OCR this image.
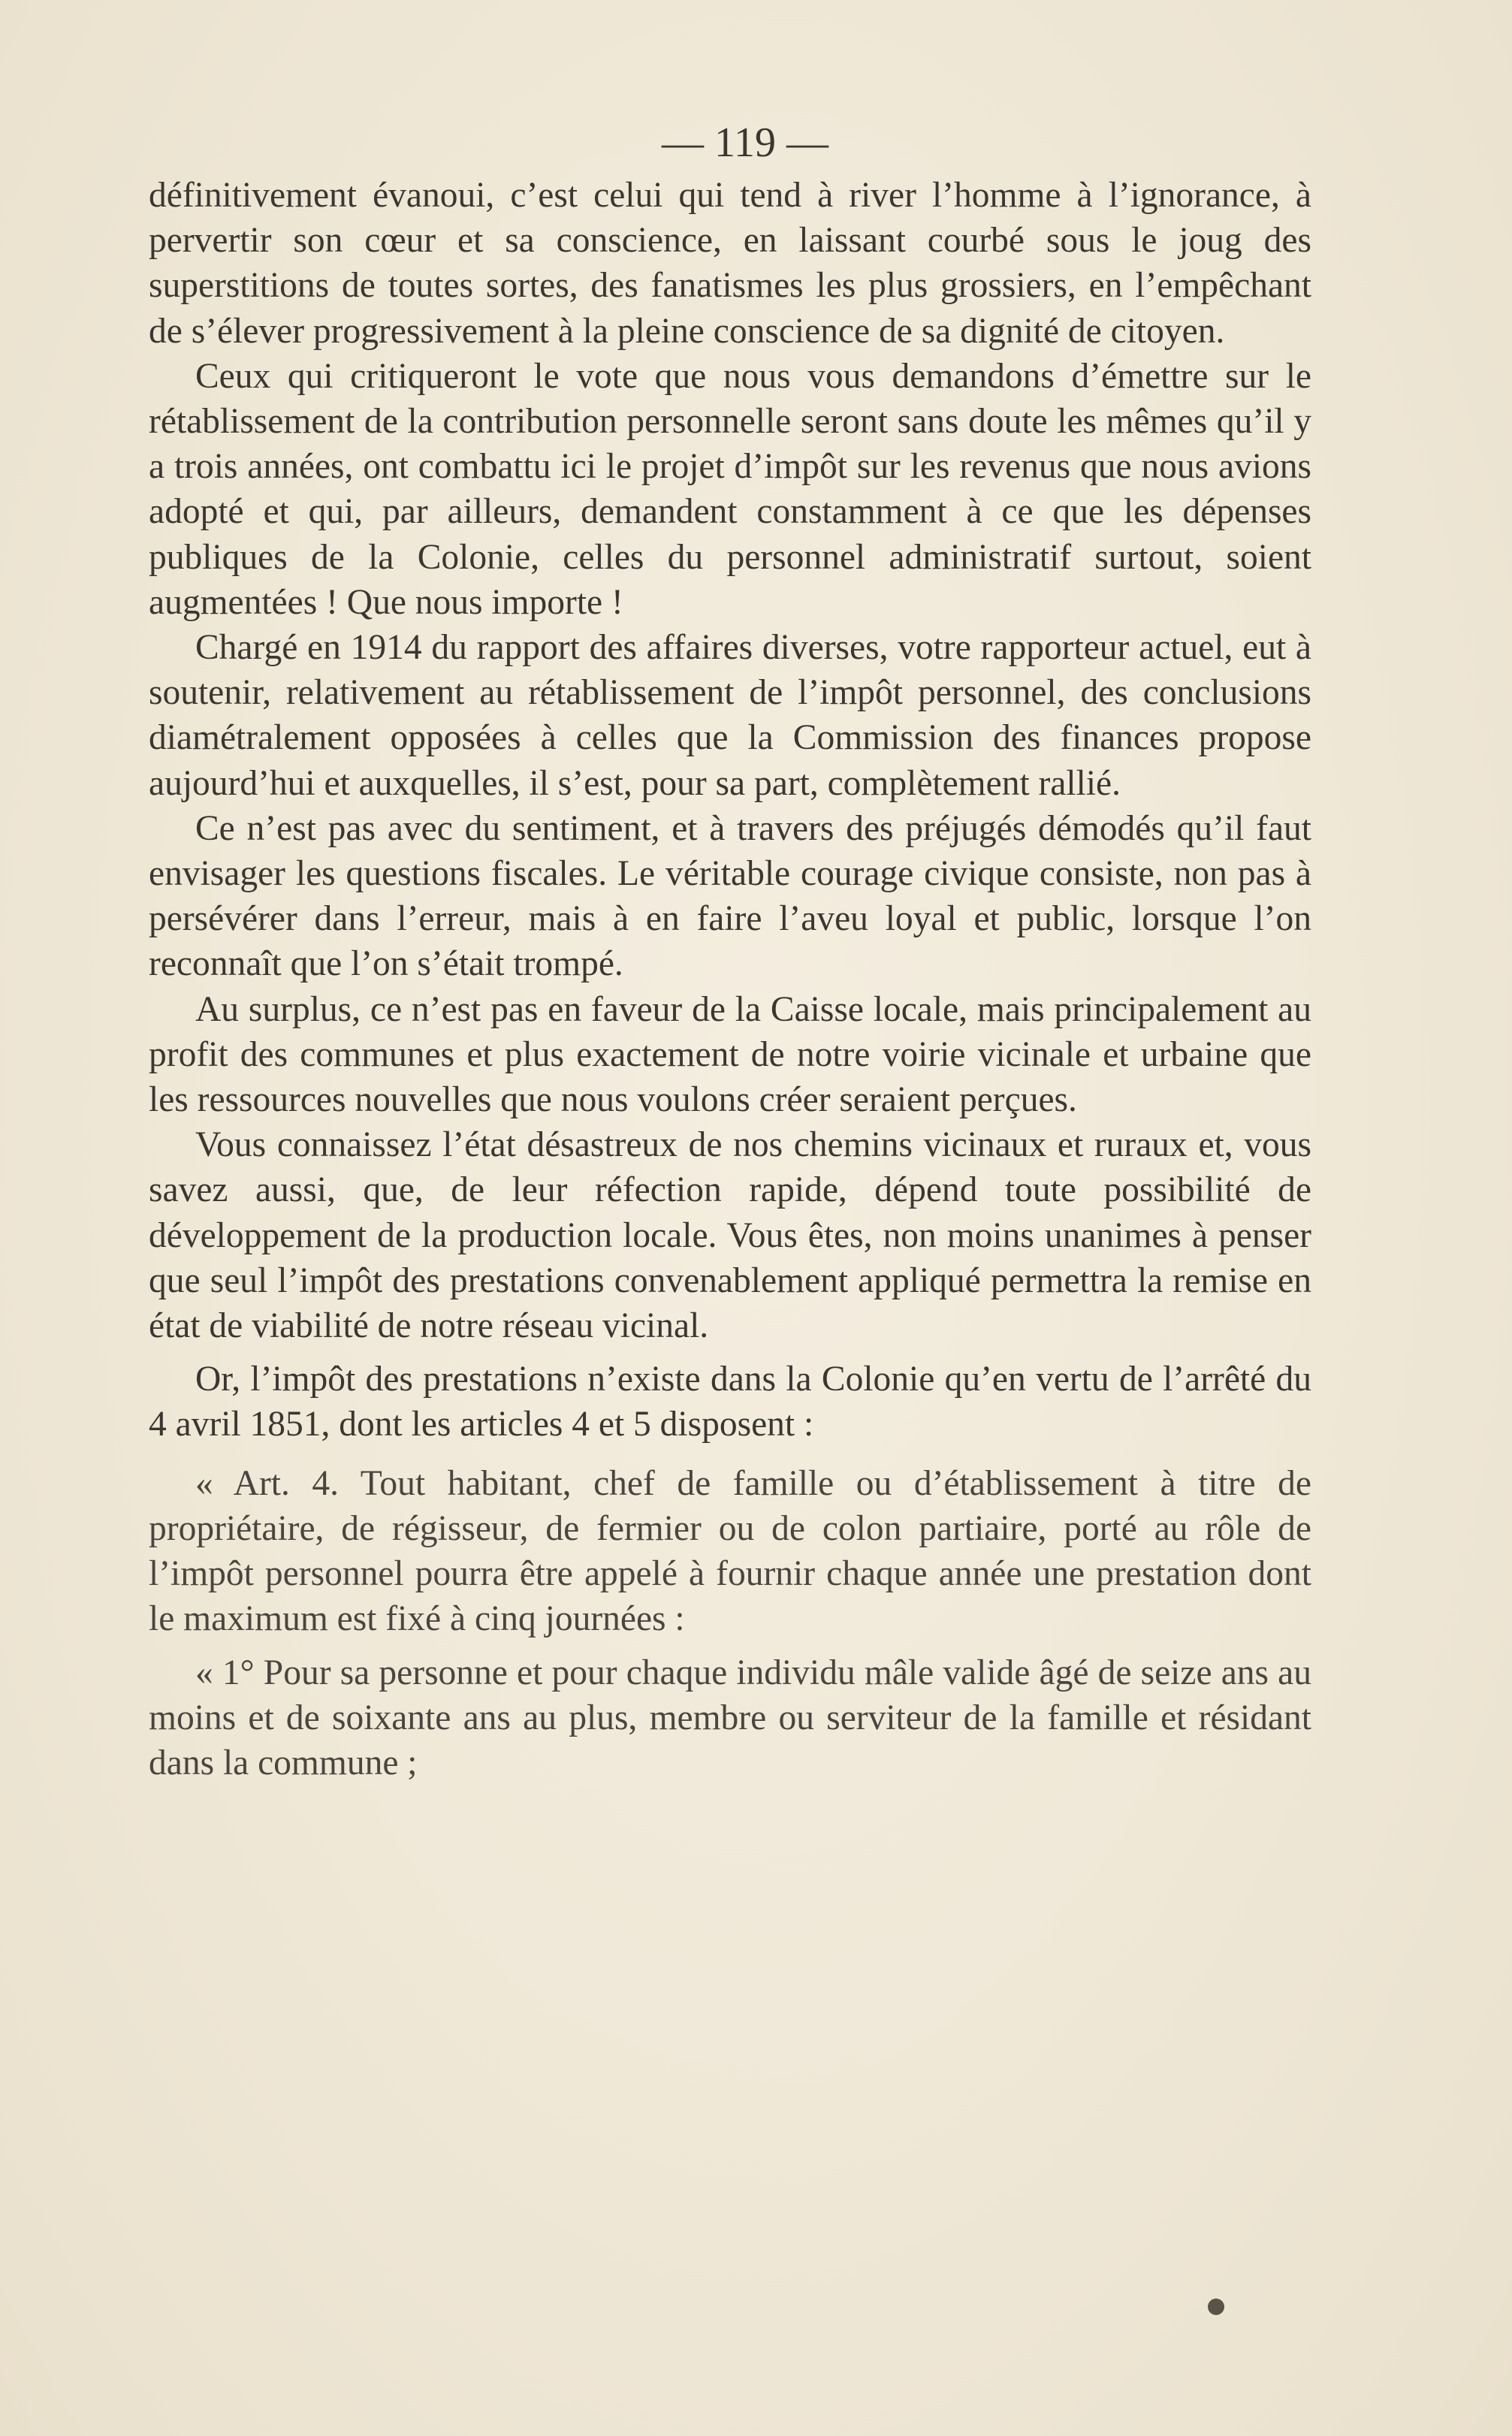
— 119 —

définitivement évanoui, c’est celui qui tend à river l’homme à l’ignorance, à pervertir son cœur et sa conscience, en laissant courbé sous le joug des superstitions de toutes sortes, des fanatismes les plus grossiers, en l’empêchant de s’élever progressivement à la pleine conscience de sa dignité de citoyen.

Ceux qui critiqueront le vote que nous vous demandons d’émettre sur le rétablissement de la contribution personnelle seront sans doute les mêmes qu’il y a trois années, ont combattu ici le projet d’impôt sur les revenus que nous avions adopté et qui, par ailleurs, demandent constamment à ce que les dépenses publiques de la Colonie, celles du personnel administratif surtout, soient augmentées ! Que nous importe !

Chargé en 1914 du rapport des affaires diverses, votre rapporteur actuel, eut à soutenir, relativement au rétablissement de l’impôt personnel, des conclusions diamétralement opposées à celles que la Commission des finances propose aujourd’hui et auxquelles, il s’est, pour sa part, complètement rallié.

Ce n’est pas avec du sentiment, et à travers des préjugés démodés qu’il faut envisager les questions fiscales. Le véritable courage civique consiste, non pas à persévérer dans l’erreur, mais à en faire l’aveu loyal et public, lorsque l’on reconnaît que l’on s’était trompé.

Au surplus, ce n’est pas en faveur de la Caisse locale, mais principalement au profit des communes et plus exactement de notre voirie vicinale et urbaine que les ressources nouvelles que nous voulons créer seraient perçues.

Vous connaissez l’état désastreux de nos chemins vicinaux et ruraux et, vous savez aussi, que, de leur réfection rapide, dépend toute possibilité de développement de la production locale. Vous êtes, non moins unanimes à penser que seul l’impôt des prestations convenablement appliqué permettra la remise en état de viabilité de notre réseau vicinal.

Or, l’impôt des prestations n’existe dans la Colonie qu’en vertu de l’arrêté du 4 avril 1851, dont les articles 4 et 5 disposent :

« Art. 4. Tout habitant, chef de famille ou d’établissement à titre de propriétaire, de régisseur, de fermier ou de colon partiaire, porté au rôle de l’impôt personnel pourra être appelé à fournir chaque année une prestation dont le maximum est fixé à cinq journées :

« 1° Pour sa personne et pour chaque individu mâle valide âgé de seize ans au moins et de soixante ans au plus, membre ou serviteur de la famille et résidant dans la commune ;
